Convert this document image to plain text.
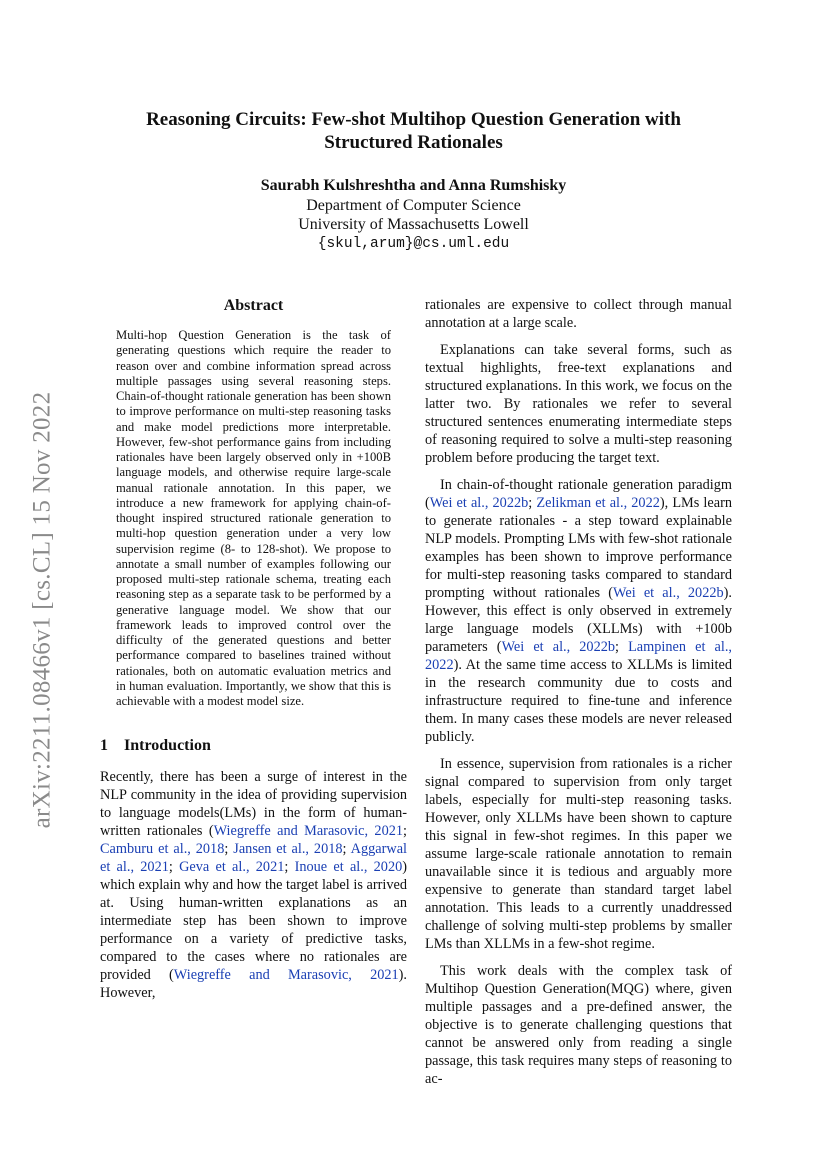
arXiv:2211.08466v1 [cs.CL] 15 Nov 2022
Reasoning Circuits: Few-shot Multihop Question Generation with Structured Rationales
Saurabh Kulshreshtha and Anna Rumshisky
Department of Computer Science
University of Massachusetts Lowell
{skul,arum}@cs.uml.edu
Abstract
Multi-hop Question Generation is the task of generating questions which require the reader to reason over and combine information spread across multiple passages using several reasoning steps. Chain-of-thought rationale generation has been shown to improve performance on multi-step reasoning tasks and make model predictions more interpretable. However, few-shot performance gains from including rationales have been largely observed only in +100B language models, and otherwise require large-scale manual rationale annotation. In this paper, we introduce a new framework for applying chain-of-thought inspired structured rationale generation to multi-hop question generation under a very low supervision regime (8- to 128-shot). We propose to annotate a small number of examples following our proposed multi-step rationale schema, treating each reasoning step as a separate task to be performed by a generative language model. We show that our framework leads to improved control over the difficulty of the generated questions and better performance compared to baselines trained without rationales, both on automatic evaluation metrics and in human evaluation. Importantly, we show that this is achievable with a modest model size.
1 Introduction

Recently, there has been a surge of interest in the NLP community in the idea of providing supervision to language models(LMs) in the form of human-written rationales (Wiegreffe and Marasovic, 2021; Camburu et al., 2018; Jansen et al., 2018; Aggarwal et al., 2021; Geva et al., 2021; Inoue et al., 2020) which explain why and how the target label is arrived at. Using human-written explanations as an intermediate step has been shown to improve performance on a variety of predictive tasks, compared to the cases where no rationales are provided (Wiegreffe and Marasovic, 2021). However,

rationales are expensive to collect through manual annotation at a large scale.

Explanations can take several forms, such as textual highlights, free-text explanations and structured explanations. In this work, we focus on the latter two. By rationales we refer to several structured sentences enumerating intermediate steps of reasoning required to solve a multi-step reasoning problem before producing the target text.

In chain-of-thought rationale generation paradigm (Wei et al., 2022b; Zelikman et al., 2022), LMs learn to generate rationales - a step toward explainable NLP models. Prompting LMs with few-shot rationale examples has been shown to improve performance for multi-step reasoning tasks compared to standard prompting without rationales (Wei et al., 2022b). However, this effect is only observed in extremely large language models (XLLMs) with +100b parameters (Wei et al., 2022b; Lampinen et al., 2022). At the same time access to XLLMs is limited in the research community due to costs and infrastructure required to fine-tune and inference them. In many cases these models are never released publicly.

In essence, supervision from rationales is a richer signal compared to supervision from only target labels, especially for multi-step reasoning tasks. However, only XLLMs have been shown to capture this signal in few-shot regimes. In this paper we assume large-scale rationale annotation to remain unavailable since it is tedious and arguably more expensive to generate than standard target label annotation. This leads to a currently unaddressed challenge of solving multi-step problems by smaller LMs than XLLMs in a few-shot regime.

This work deals with the complex task of Multihop Question Generation(MQG) where, given multiple passages and a pre-defined answer, the objective is to generate challenging questions that cannot be answered only from reading a single passage, this task requires many steps of reasoning to ac-
